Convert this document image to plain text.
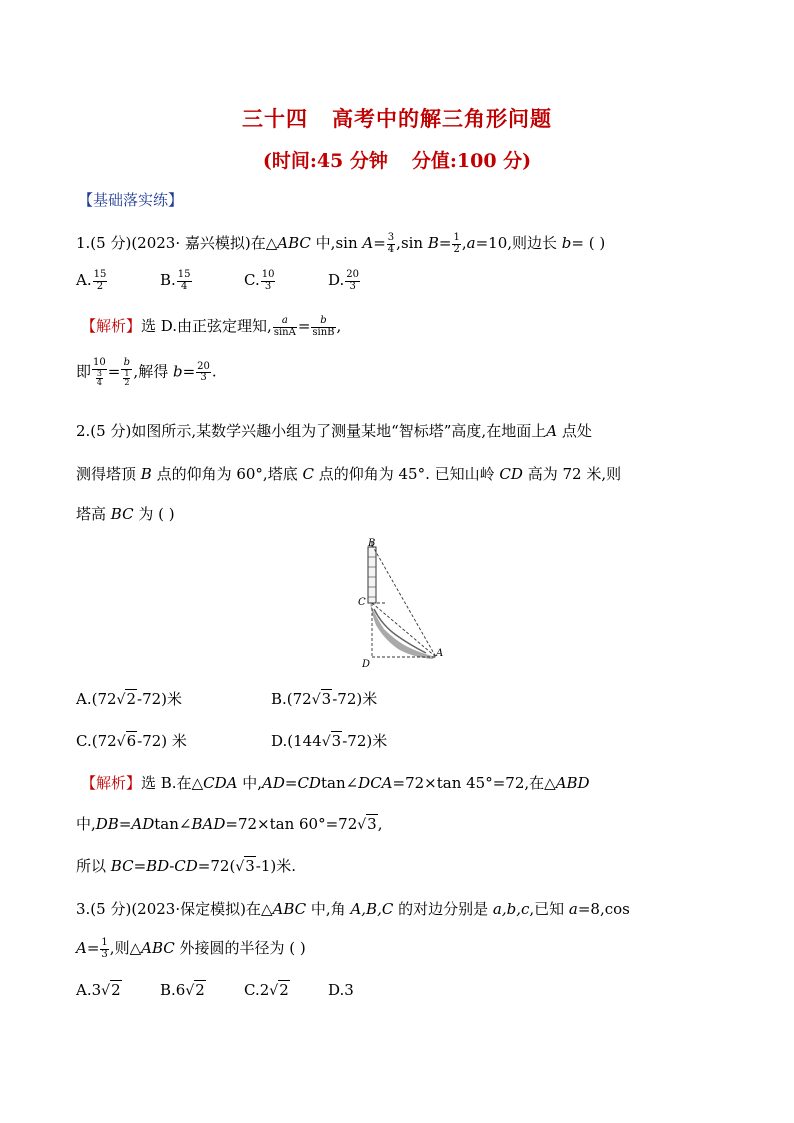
三十四 高考中的解三角形问题
(时间:45 分钟 分值:100 分)
【基础落实练】
1.(5 分)(2023· 嘉兴模拟)在△ABC 中,sin $A= \frac{3}{4} ,\sin$ $B= \frac{1}{2} ,a=10$,则边长 b= ( )
A. $\frac{15}{2}$	B. $\frac{15}{4}$	C. $\frac{10}{3}$	D. $\frac{20}{3}$
【解析】选 D.由正弦定理知, $\frac{a}{\sin A} = \frac{b}{\sin B}$ ,
即 $\frac{10}{\frac{3}{4}} = \frac{b}{\frac{1}{2}}$ ,解得 $b= \frac{20}{3}$ .
2.(5 分)如图所示,某数学兴趣小组为了测量某地“智标塔”高度,在地面上A 点处
测得塔顶 B 点的仰角为 60°,塔底 C 点的仰角为 45°. 已知山岭 CD 高为 72 米,则
塔高 BC 为 ( )
B
C
D
A
A.(72√2-72)米	B.(72√3-72)米
C.(72√6-72) 米	D.(144√3-72)米
【解析】选 B.在△CDA 中,AD=CDtan∠DCA=72×tan 45°=72,在△ABD
中,DB=ADtan∠BAD=72×tan 60°=72√3,
所以 BC=BD-CD=72(√3-1)米.
3.(5 分)(2023·保定模拟)在△ABC 中,角 A,B,C 的对边分别是 a,b,c,已知 a=8,cos
$A= \frac{1}{3}$ ,则△ABC 外接圆的半径为 ( )
A.3√2	B.6√2	C.2√2	D.3
